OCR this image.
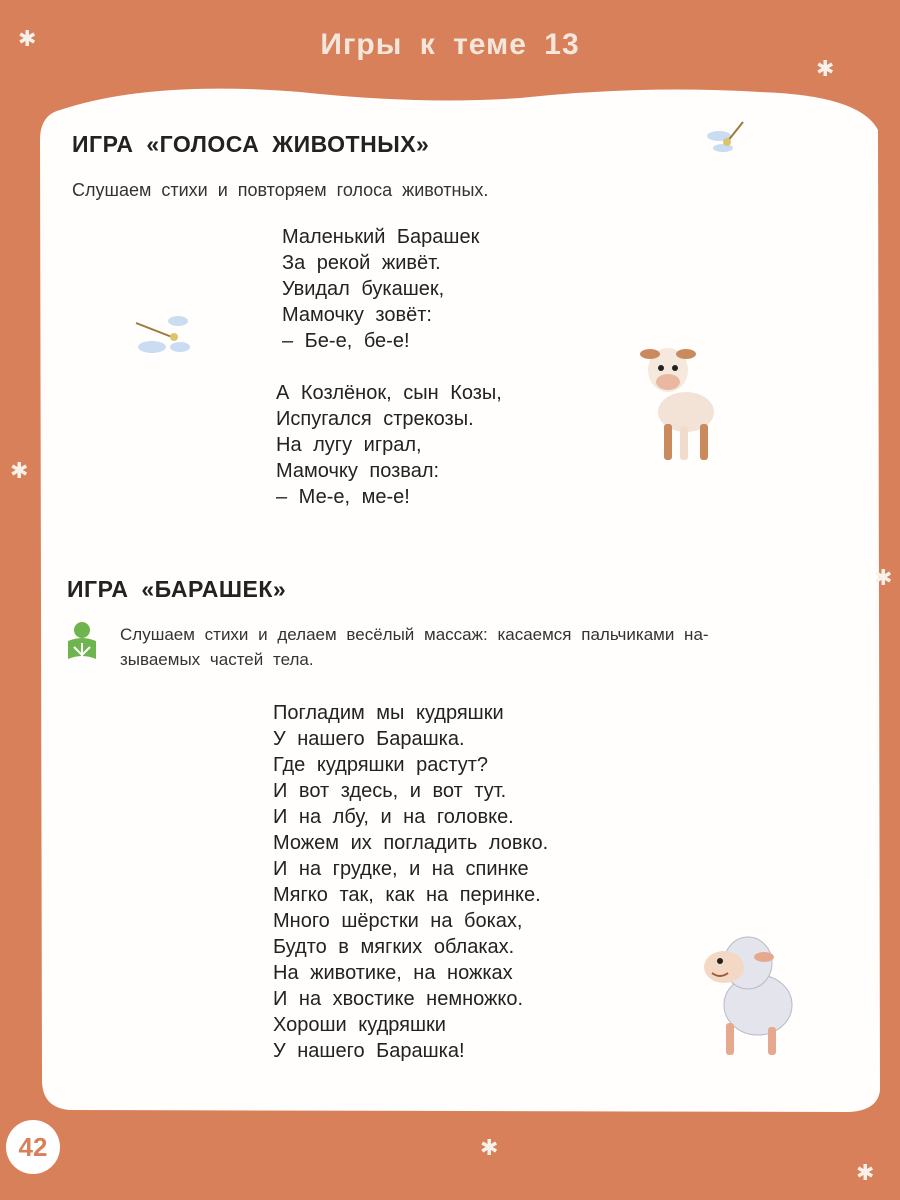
Игры к теме 13
✱
✱
✱
✱
✱
✱
ИГРА «ГОЛОСА ЖИВОТНЫХ»
Слушаем стихи и повторяем голоса животных.
Маленький Барашек
За рекой живёт.
Увидал букашек,
Мамочку зовёт:
– Бе-е, бе-е!
А Козлёнок, сын Козы,
Испугался стрекозы.
На лугу играл,
Мамочку позвал:
– Ме-е, ме-е!
ИГРА «БАРАШЕК»
Слушаем стихи и делаем весёлый массаж: касаемся пальчиками на-
зываемых частей тела.
Погладим мы кудряшки
У нашего Барашка.
Где кудряшки растут?
И вот здесь, и вот тут.
И на лбу, и на головке.
Можем их погладить ловко.
И на грудке, и на спинке
Мягко так, как на перинке.
Много шёрстки на боках,
Будто в мягких облаках.
На животике, на ножках
И на хвостике немножко.
Хороши кудряшки
У нашего Барашка!
42
